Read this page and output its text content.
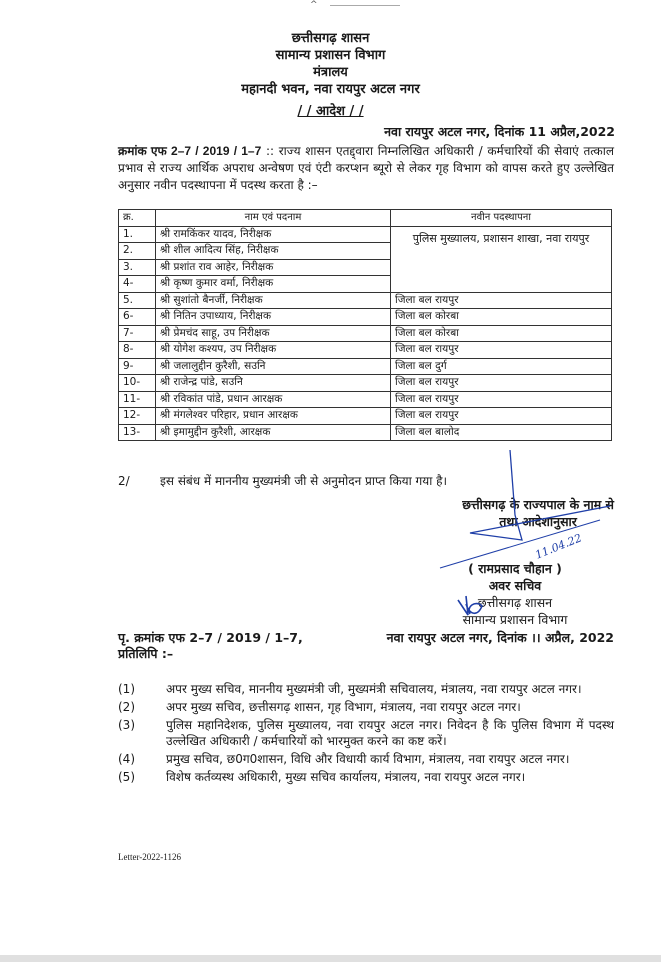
^
छत्तीसगढ़ शासन
सामान्य प्रशासन विभाग
मंत्रालय
महानदी भवन, नवा रायपुर अटल नगर
/ / आदेश / /
नवा रायपुर अटल नगर, दिनांक 11 अप्रैल,2022
क्रमांक एफ 2–7 / 2019 / 1–7 :: राज्य शासन एतद्द्वारा निम्नलिखित अधिकारी / कर्मचारियों की सेवाएं तत्काल प्रभाव से राज्य आर्थिक अपराध अन्वेषण एवं एंटी करप्शन ब्यूरो से लेकर गृह विभाग को वापस करते हुए उल्लेखित अनुसार नवीन पदस्थापना में पदस्थ करता है :–
क्र.	नाम एवं पदनाम	नवीन पदस्थापना
1.	श्री रामकिंकर यादव, निरीक्षक	पुलिस मुख्यालय, प्रशासन शाखा, नवा रायपुर
2.	श्री शील आदित्य सिंह, निरीक्षक	
3.	श्री प्रशांत राव आहेर, निरीक्षक	
4-	श्री कृष्ण कुमार वर्मा, निरीक्षक	
5.	श्री सुशांतो बैनर्जी, निरीक्षक	जिला बल रायपुर
6-	श्री नितिन उपाध्याय, निरीक्षक	जिला बल कोरबा
7-	श्री प्रेमचंद साहू, उप निरीक्षक	जिला बल कोरबा
8-	श्री योगेश कश्यप, उप निरीक्षक	जिला बल रायपुर
9-	श्री जलालुद्दीन कुरैशी, सउनि	जिला बल दुर्ग
10-	श्री राजेन्द्र पांडे, सउनि	जिला बल रायपुर
11-	श्री रविकांत पांडे, प्रधान आरक्षक	जिला बल रायपुर
12-	श्री मंगलेश्वर परिहार, प्रधान आरक्षक	जिला बल रायपुर
13-	श्री इमामुद्दीन कुरैशी, आरक्षक	जिला बल बालोद
2/	इस संबंध में माननीय मुख्यमंत्री जी से अनुमोदन प्राप्त किया गया है।
छत्तीसगढ़ के राज्यपाल के नाम से
तथा आदेशानुसार
11.04.22
( रामप्रसाद चौहान )
अवर सचिव
छत्तीसगढ़ शासन
सामान्य प्रशासन विभाग
पृ. क्रमांक एफ 2–7 / 2019 / 1–7,	नवा रायपुर अटल नगर, दिनांक ।। अप्रैल, 2022
प्रतिलिपि :–
(1)	अपर मुख्य सचिव, माननीय मुख्यमंत्री जी, मुख्यमंत्री सचिवालय, मंत्रालय, नवा रायपुर अटल नगर।
(2)	अपर मुख्य सचिव, छत्तीसगढ़ शासन, गृह विभाग, मंत्रालय, नवा रायपुर अटल नगर।
(3)	पुलिस महानिदेशक, पुलिस मुख्यालय, नवा रायपुर अटल नगर। निवेदन है कि पुलिस विभाग में पदस्थ उल्लेखित अधिकारी / कर्मचारियों को भारमुक्त करने का कष्ट करें।
(4)	प्रमुख सचिव, छ0ग0शासन, विधि और विधायी कार्य विभाग, मंत्रालय, नवा रायपुर अटल नगर।
(5)	विशेष कर्तव्यस्थ अधिकारी, मुख्य सचिव कार्यालय, मंत्रालय, नवा रायपुर अटल नगर।
Letter-2022-1126
